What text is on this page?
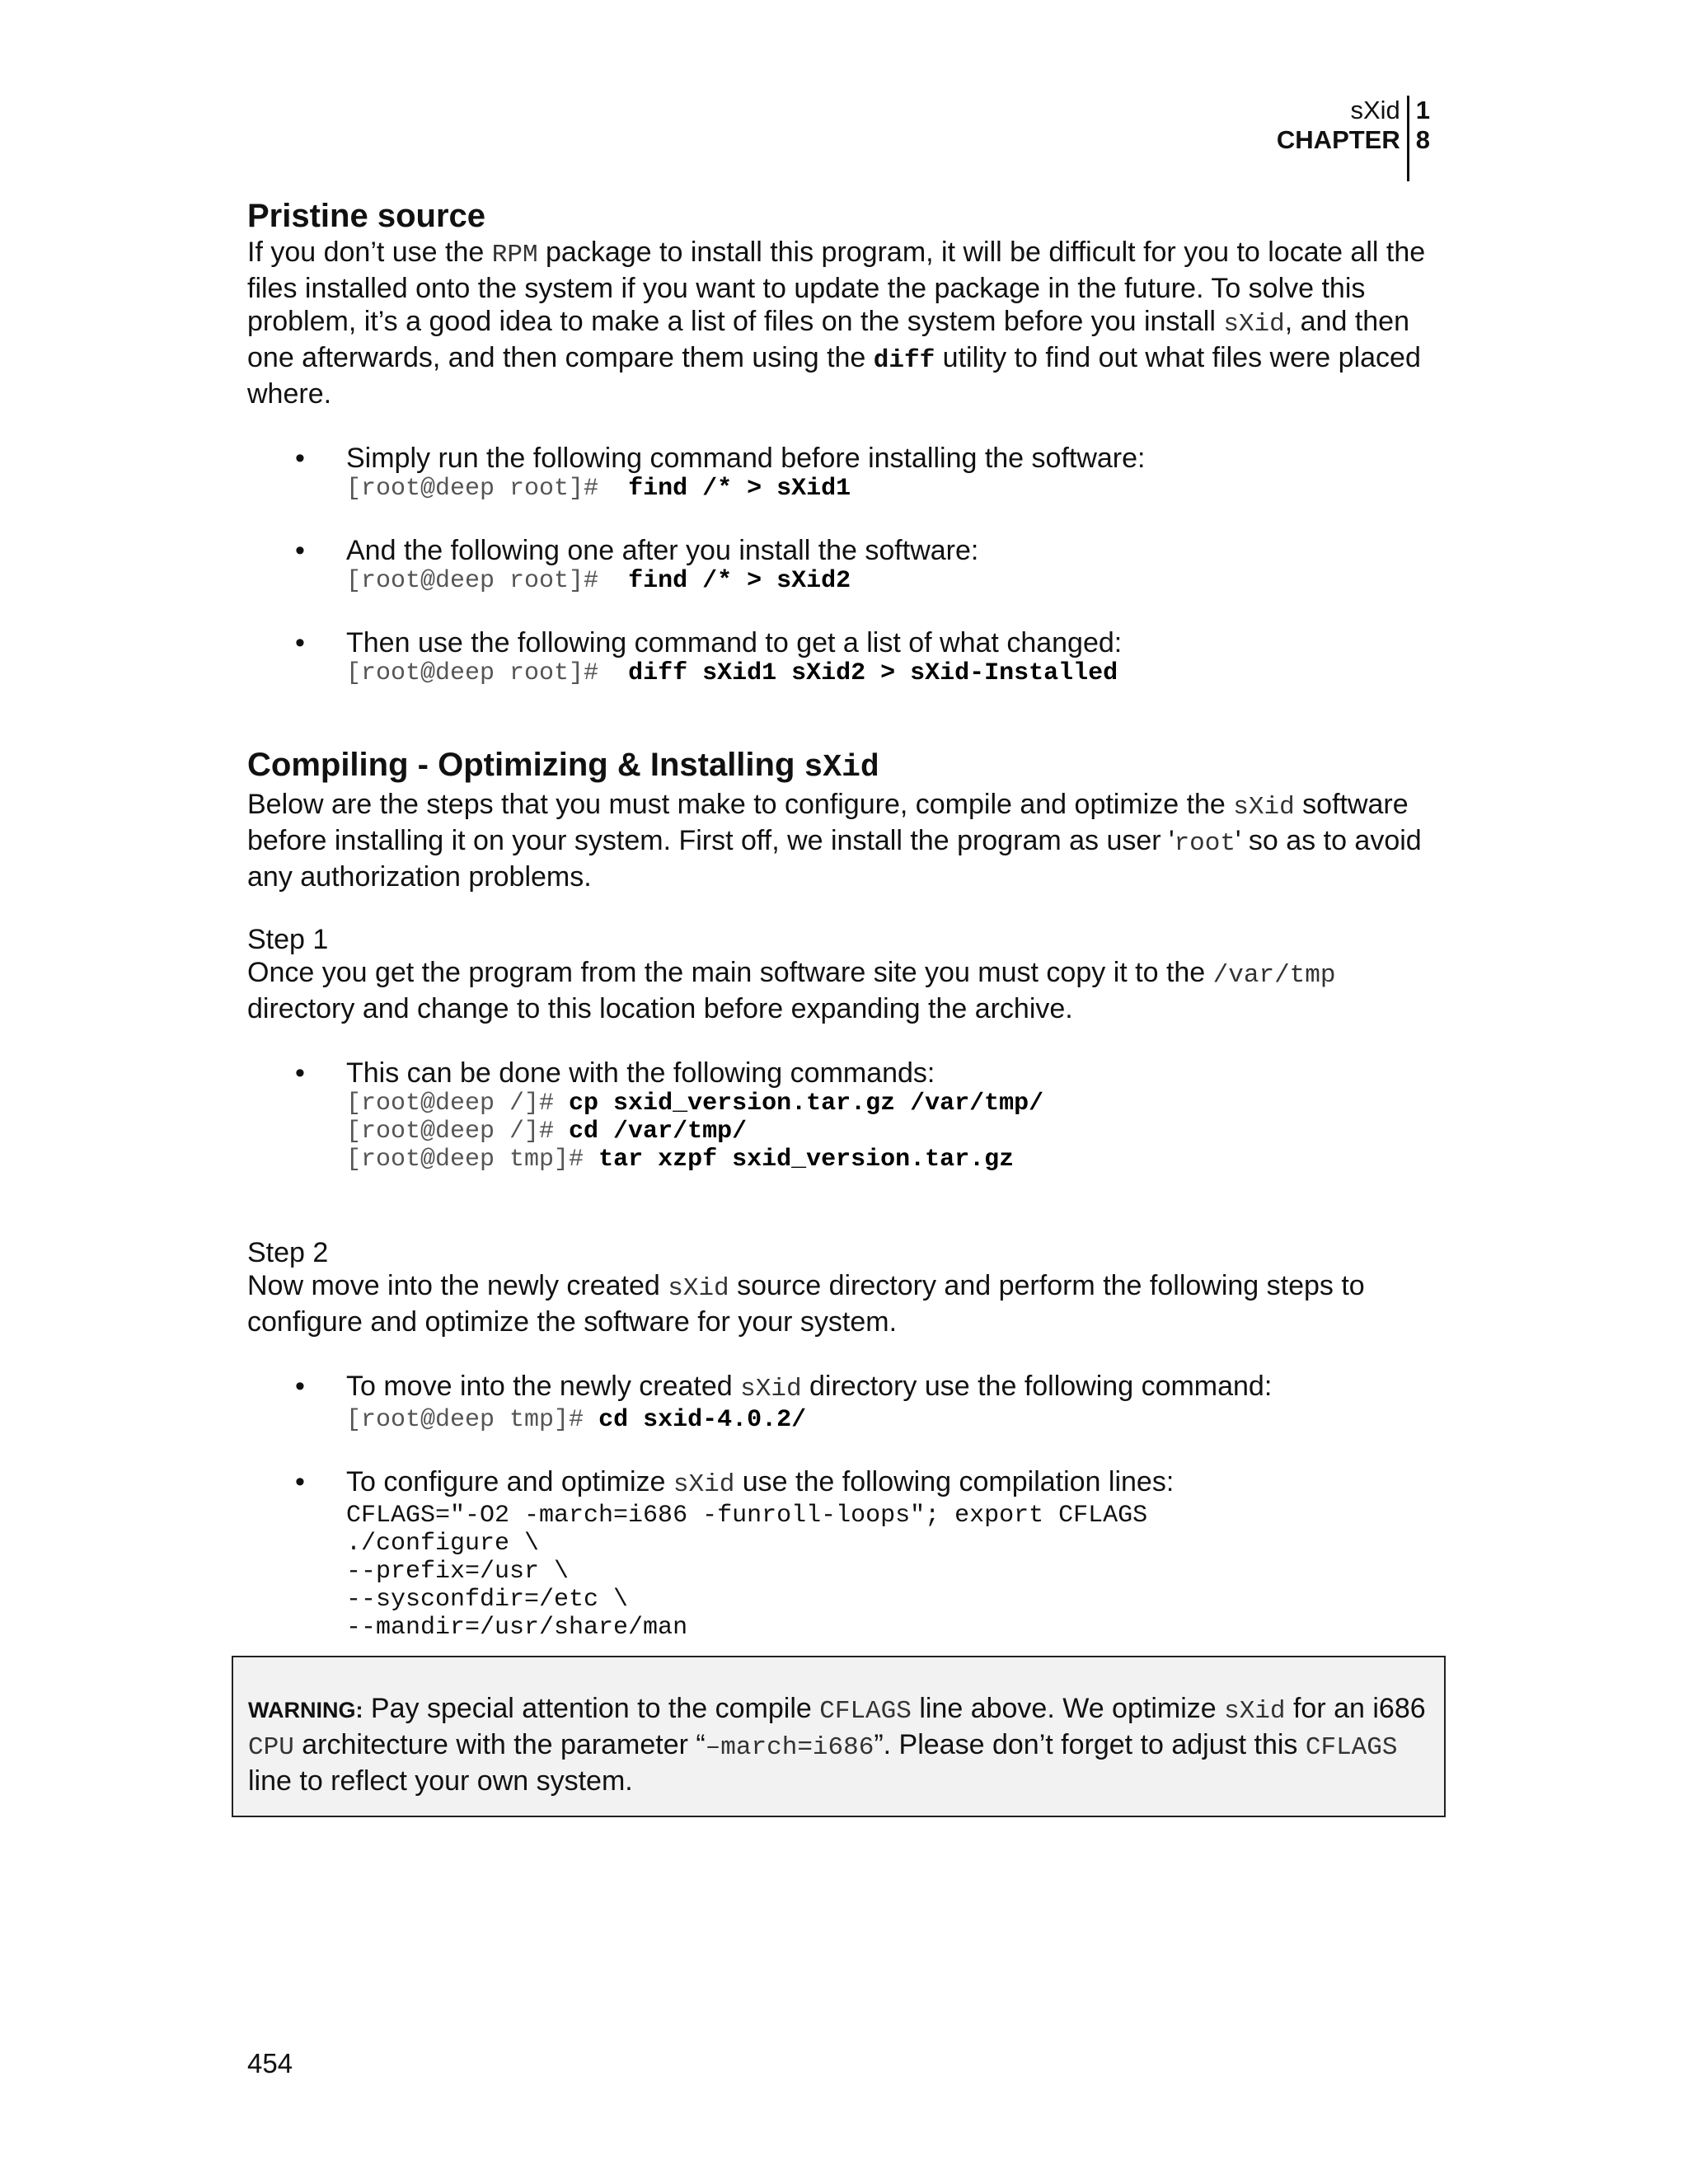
sXid
CHAPTER
1
8
Pristine source

If you don’t use the RPM package to install this program, it will be difficult for you to locate all the files installed onto the system if you want to update the package in the future. To solve this problem, it’s a good idea to make a list of files on the system before you install sXid, and then one afterwards, and then compare them using the diff utility to find out what files were placed where.

• Simply run the following command before installing the software:
[root@deep root]#  find /* > sXid1
• And the following one after you install the software:
[root@deep root]#  find /* > sXid2
• Then use the following command to get a list of what changed:
[root@deep root]#  diff sXid1 sXid2 > sXid-Installed
Compiling - Optimizing & Installing sXid

Below are the steps that you must make to configure, compile and optimize the sXid software before installing it on your system. First off, we install the program as user 'root' so as to avoid any authorization problems.

Step 1

Once you get the program from the main software site you must copy it to the /var/tmp directory and change to this location before expanding the archive.

• This can be done with the following commands:
[root@deep /]# cp sxid_version.tar.gz /var/tmp/
[root@deep /]# cd /var/tmp/
[root@deep tmp]# tar xzpf sxid_version.tar.gz

Step 2

Now move into the newly created sXid source directory and perform the following steps to configure and optimize the software for your system.

• To move into the newly created sXid directory use the following command:
[root@deep tmp]# cd sxid-4.0.2/
• To configure and optimize sXid use the following compilation lines:
CFLAGS="-O2 -march=i686 -funroll-loops"; export CFLAGS
./configure \
--prefix=/usr \
--sysconfdir=/etc \
--mandir=/usr/share/man

WARNING: Pay special attention to the compile CFLAGS line above. We optimize sXid for an i686 CPU architecture with the parameter “–march=i686”. Please don’t forget to adjust this CFLAGS line to reflect your own system.

454
